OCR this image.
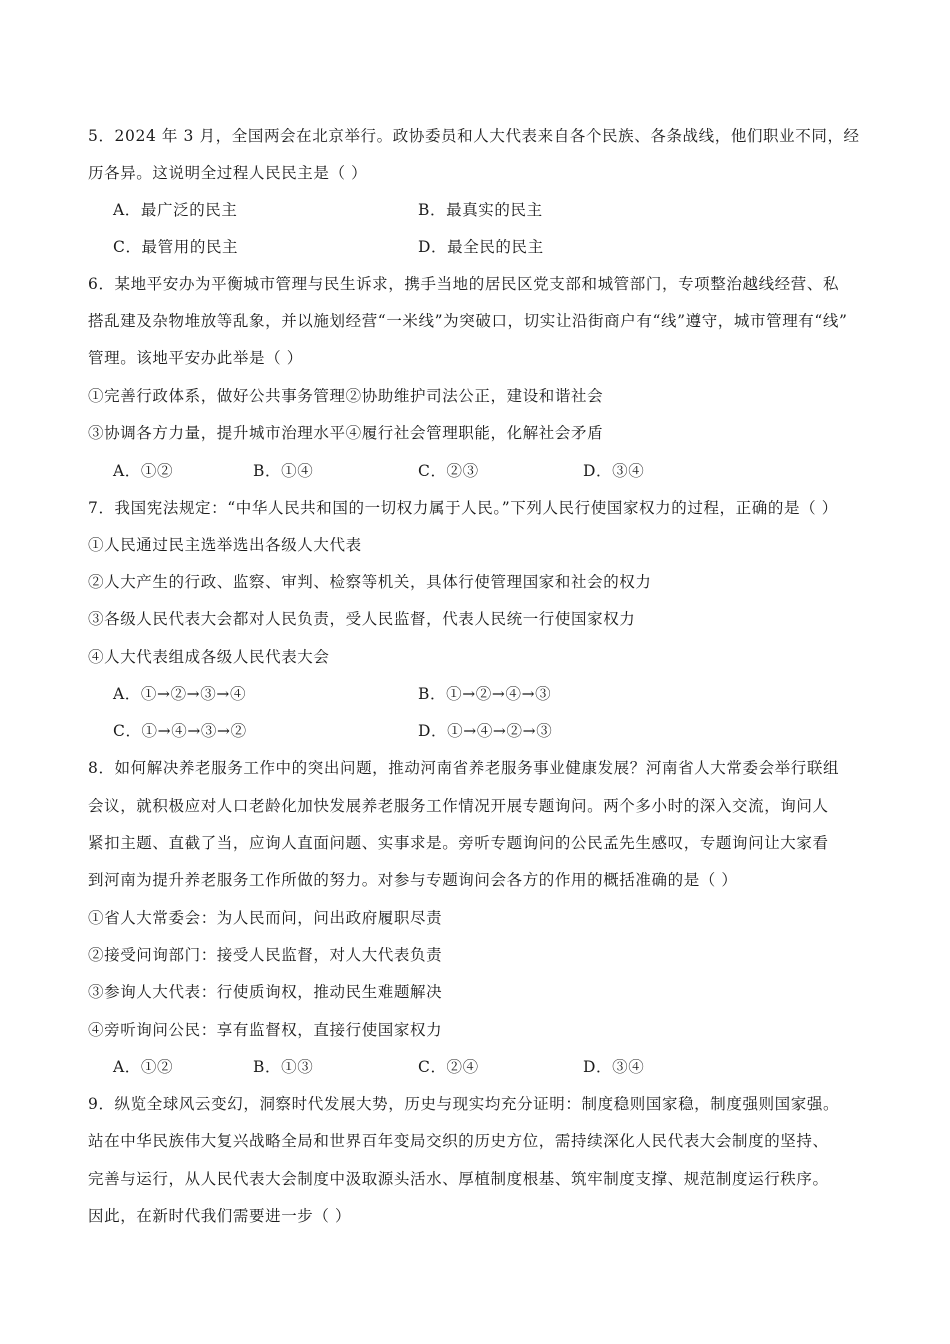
5．2024 年 3 月，全国两会在北京举行。政协委员和人大代表来自各个民族、各条战线，他们职业不同，经
历各异。这说明全过程人民民主是（ ）
A．最广泛的民主	B．最真实的民主
C．最管用的民主	D．最全民的民主
6．某地平安办为平衡城市管理与民生诉求，携手当地的居民区党支部和城管部门，专项整治越线经营、私
搭乱建及杂物堆放等乱象，并以施划经营“一米线”为突破口，切实让沿街商户有“线”遵守，城市管理有“线”
管理。该地平安办此举是（ ）
①完善行政体系，做好公共事务管理②协助维护司法公正，建设和谐社会
③协调各方力量，提升城市治理水平④履行社会管理职能，化解社会矛盾
A．①②	B．①④	C．②③	D．③④
7．我国宪法规定：“中华人民共和国的一切权力属于人民。”下列人民行使国家权力的过程，正确的是（ ）
①人民通过民主选举选出各级人大代表
②人大产生的行政、监察、审判、检察等机关，具体行使管理国家和社会的权力
③各级人民代表大会都对人民负责，受人民监督，代表人民统一行使国家权力
④人大代表组成各级人民代表大会
A．①→②→③→④	B．①→②→④→③
C．①→④→③→②	D．①→④→②→③
8．如何解决养老服务工作中的突出问题，推动河南省养老服务事业健康发展？河南省人大常委会举行联组
会议，就积极应对人口老龄化加快发展养老服务工作情况开展专题询问。两个多小时的深入交流，询问人
紧扣主题、直截了当，应询人直面问题、实事求是。旁听专题询问的公民孟先生感叹，专题询问让大家看
到河南为提升养老服务工作所做的努力。对参与专题询问会各方的作用的概括准确的是（ ）
①省人大常委会：为人民而问，问出政府履职尽责
②接受问询部门：接受人民监督，对人大代表负责
③参询人大代表：行使质询权，推动民生难题解决
④旁听询问公民：享有监督权，直接行使国家权力
A．①②	B．①③	C．②④	D．③④
9．纵览全球风云变幻，洞察时代发展大势，历史与现实均充分证明：制度稳则国家稳，制度强则国家强。
站在中华民族伟大复兴战略全局和世界百年变局交织的历史方位，需持续深化人民代表大会制度的坚持、
完善与运行，从人民代表大会制度中汲取源头活水、厚植制度根基、筑牢制度支撑、规范制度运行秩序。
因此，在新时代我们需要进一步（ ）
